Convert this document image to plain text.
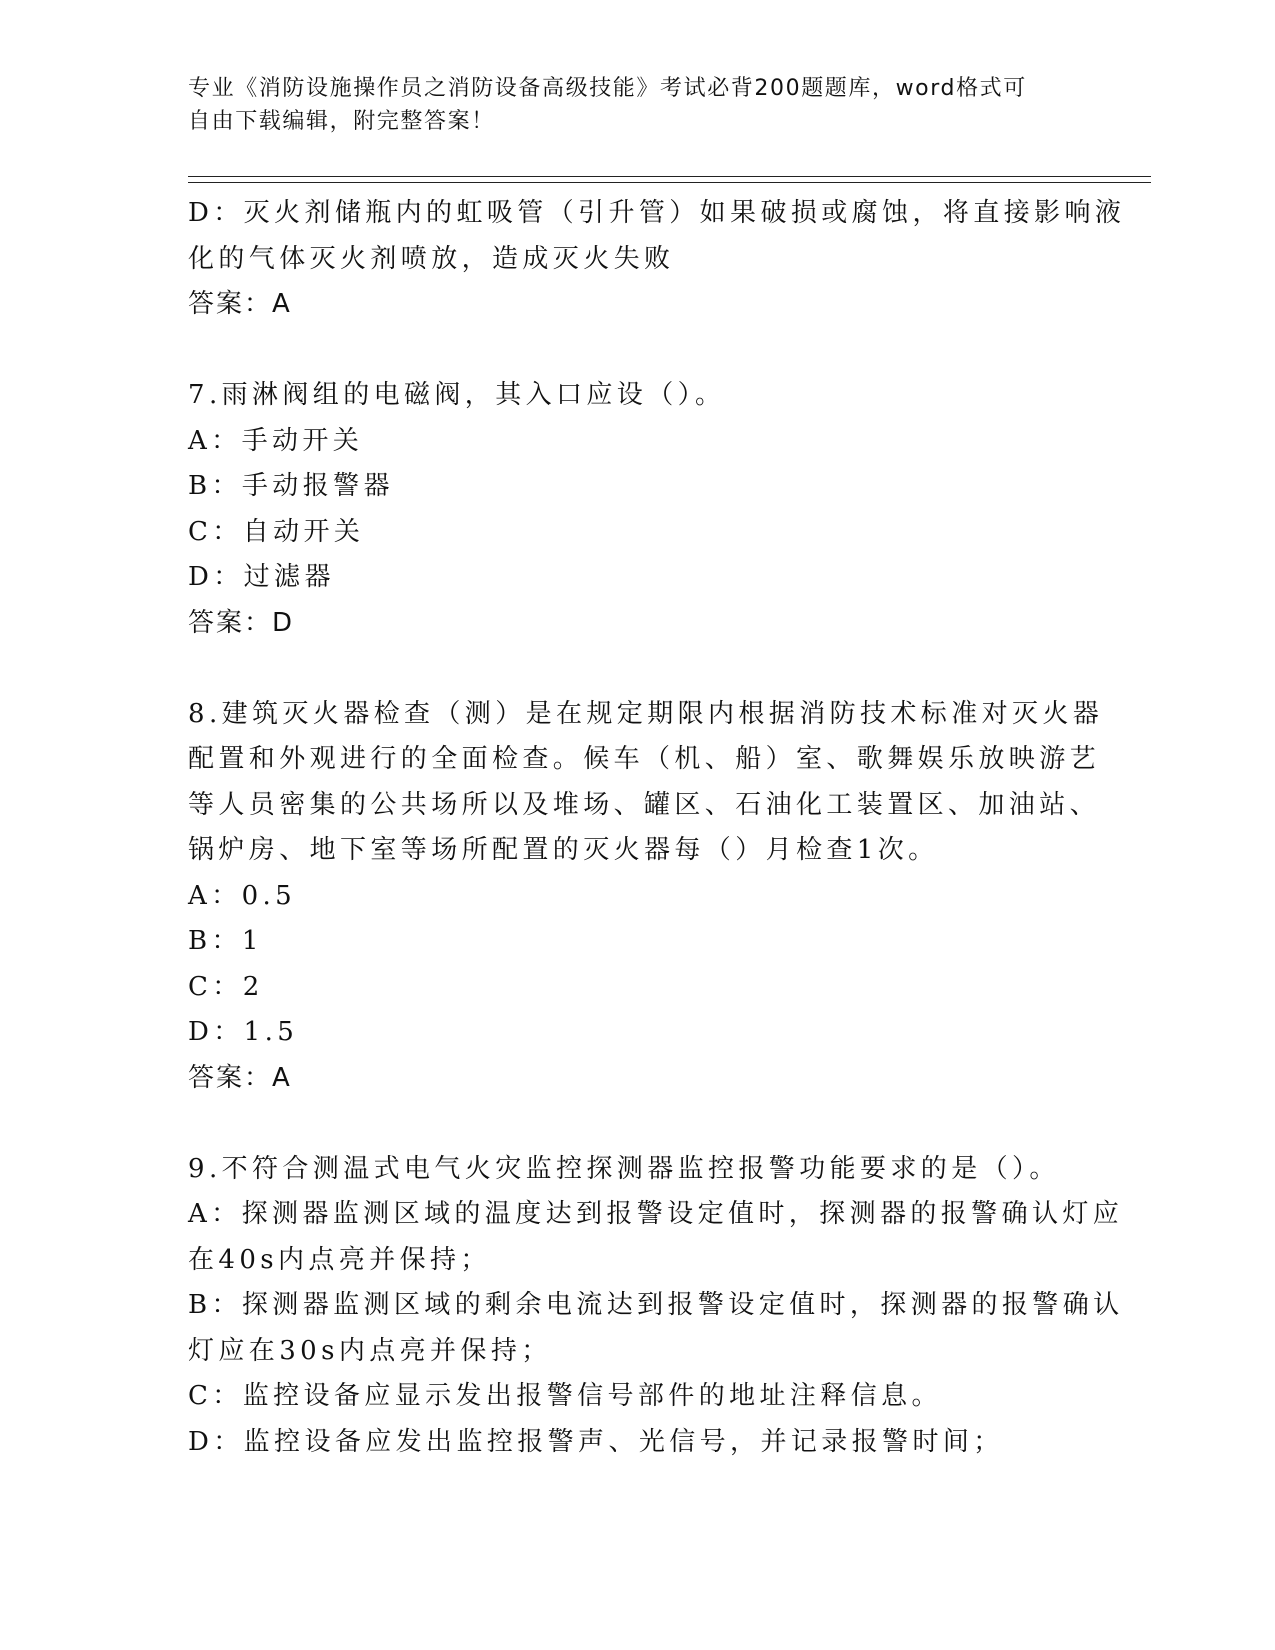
专业《消防设施操作员之消防设备高级技能》考试必背200题题库，word格式可
自由下载编辑，附完整答案！
D：灭火剂储瓶内的虹吸管（引升管）如果破损或腐蚀，将直接影响液
化的气体灭火剂喷放，造成灭火失败
答案：A
7.雨淋阀组的电磁阀，其入口应设（）。
A：手动开关
B：手动报警器
C：自动开关
D：过滤器
答案：D
8.建筑灭火器检查（测）是在规定期限内根据消防技术标准对灭火器
配置和外观进行的全面检查。候车（机、船）室、歌舞娱乐放映游艺
等人员密集的公共场所以及堆场、罐区、石油化工装置区、加油站、
锅炉房、地下室等场所配置的灭火器每（）月检查1次。
A：0.5
B：1
C：2
D：1.5
答案：A
9.不符合测温式电气火灾监控探测器监控报警功能要求的是（）。
A：探测器监测区域的温度达到报警设定值时，探测器的报警确认灯应
在40s内点亮并保持；
B：探测器监测区域的剩余电流达到报警设定值时，探测器的报警确认
灯应在30s内点亮并保持；
C：监控设备应显示发出报警信号部件的地址注释信息。
D：监控设备应发出监控报警声、光信号，并记录报警时间；
